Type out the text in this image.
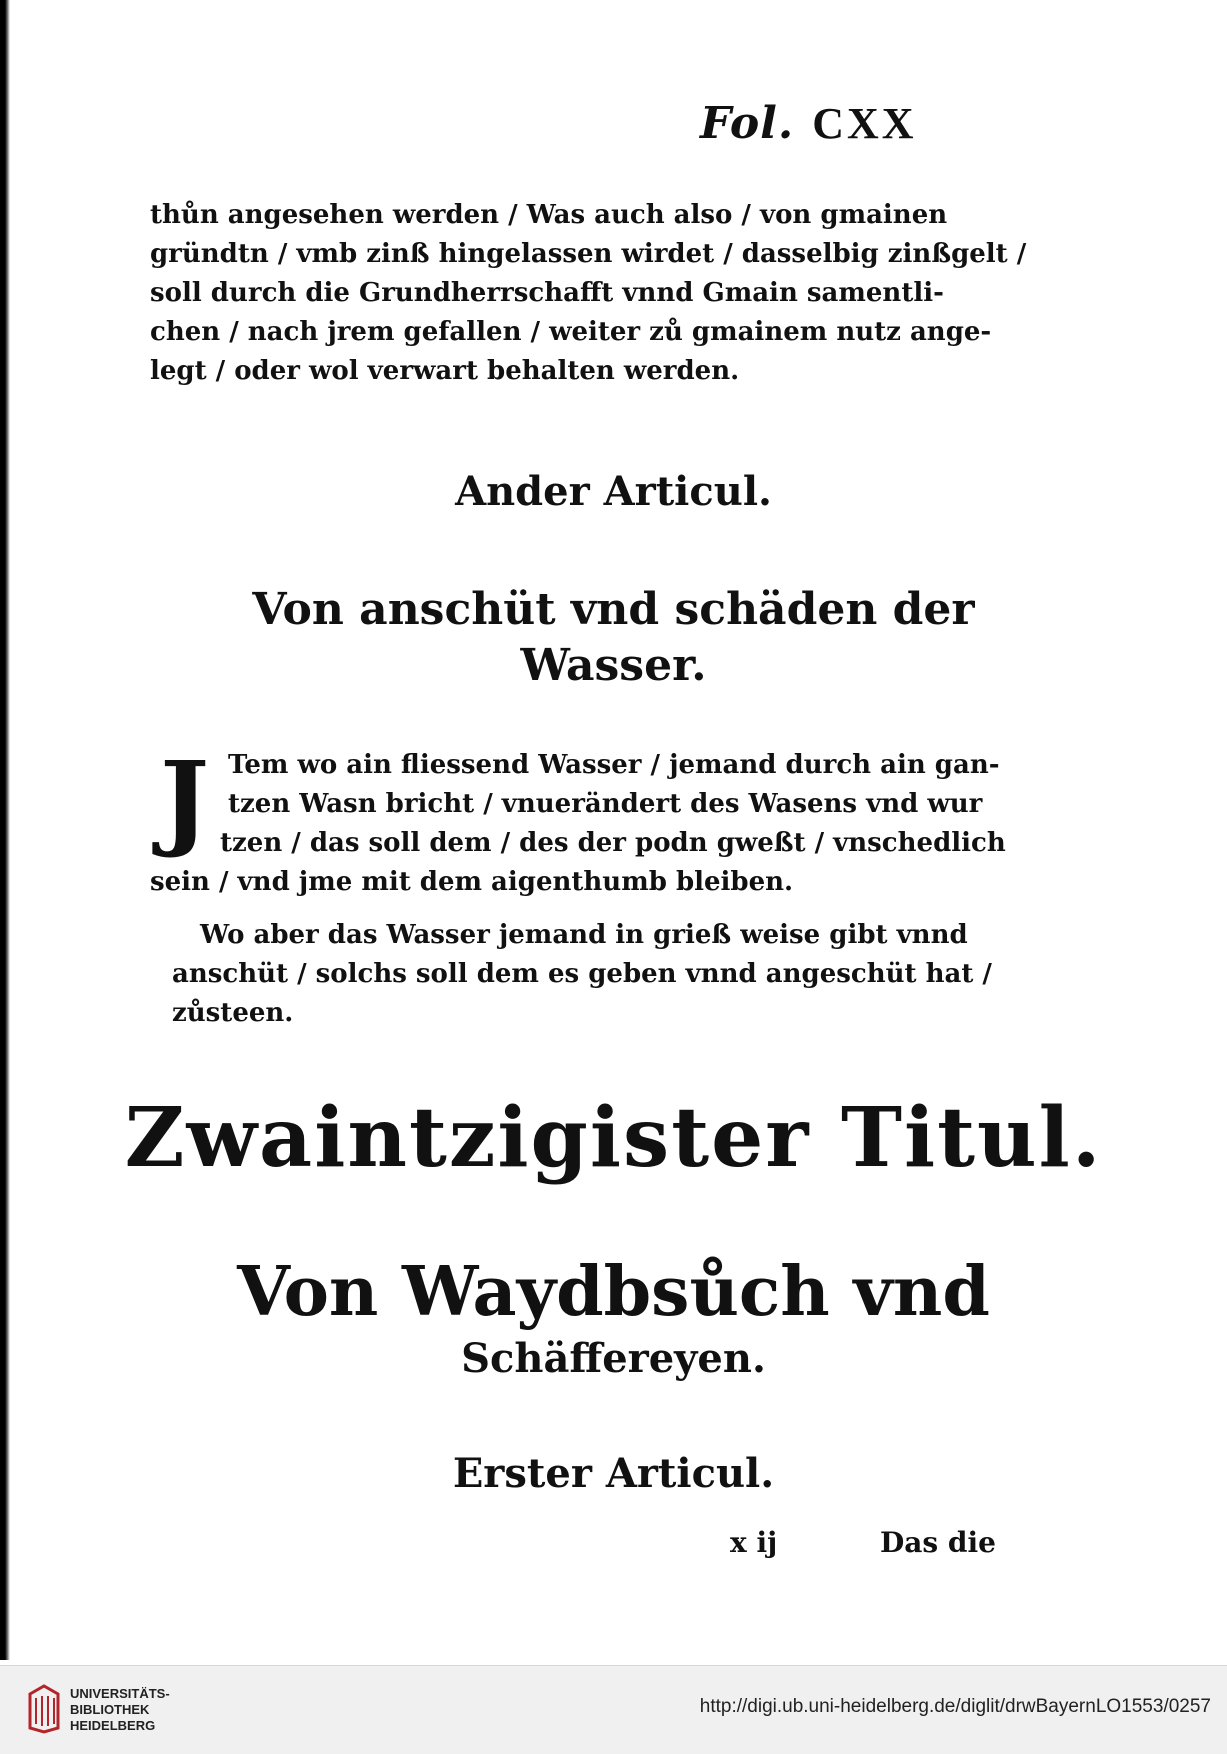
Fol. CXX
thůn angesehen werden / Was auch also / von gmainen
gründtn / vmb zinß hingelassen wirdet / dasselbig zinßgelt /
soll durch die Grundherrschafft vnnd Gmain samentli-
chen / nach jrem gefallen / weiter zů gmainem nutz ange-
legt / oder wol verwart behalten werden.
Ander Articul.
Von anschüt vnd schäden der
Wasser.
J Tem wo ain fliessend Wasser / jemand durch ain gan-
tzen Wasn bricht / vnuerändert des Wasens vnd wur
tzen / das soll dem / des der podn gweßt / vnschedlich
sein / vnd jme mit dem aigenthumb bleiben.
Wo aber das Wasser jemand in grieß weise gibt vnnd
anschüt / solchs soll dem es geben vnnd angeschüt hat /
zůsteen.
Zwaintzigister Titul.
Von Waydbsůch vnd
Schäffereyen.
Erster Articul.
x ij	Das die
UNIVERSITÄTS-
BIBLIOTHEK
HEIDELBERG
http://digi.ub.uni-heidelberg.de/diglit/drwBayernLO1553/0257
